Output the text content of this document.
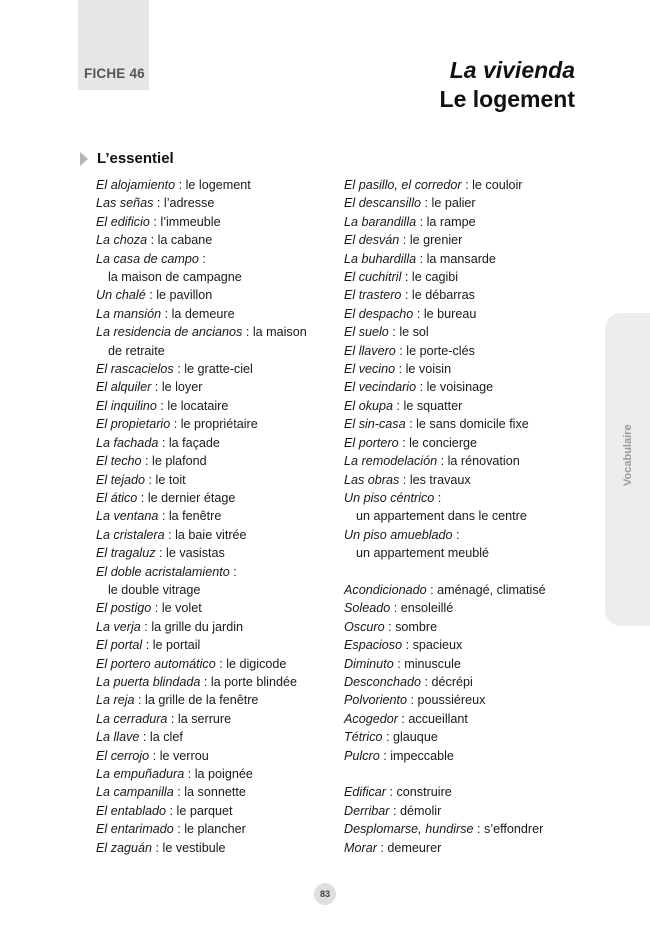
FICHE 46	La vivienda
Le logement
L’essentiel
El alojamiento : le logement
Las señas : l’adresse
El edificio : l’immeuble
La choza : la cabane
La casa de campo :
la maison de campagne
Un chalé : le pavillon
La mansión : la demeure
La residencia de ancianos : la maison
de retraite
El rascacielos : le gratte-ciel
El alquiler : le loyer
El inquilino : le locataire
El propietario : le propriétaire
La fachada : la façade
El techo : le plafond
El tejado : le toit
El ático : le dernier étage
La ventana : la fenêtre
La cristalera : la baie vitrée
El tragaluz : le vasistas
El doble acristalamiento :
le double vitrage
El postigo : le volet
La verja : la grille du jardin
El portal : le portail
El portero automático : le digicode
La puerta blindada : la porte blindée
La reja : la grille de la fenêtre
La cerradura : la serrure
La llave : la clef
El cerrojo : le verrou
La empuñadura : la poignée
La campanilla : la sonnette
El entablado : le parquet
El entarimado : le plancher
El zaguán : le vestibule
El pasillo, el corredor : le couloir
El descansillo : le palier
La barandilla : la rampe
El desván : le grenier
La buhardilla : la mansarde
El cuchitril : le cagibi
El trastero : le débarras
El despacho : le bureau
El suelo : le sol
El llavero : le porte-clés
El vecino : le voisin
El vecindario : le voisinage
El okupa : le squatter
El sin-casa : le sans domicile fixe
El portero : le concierge
La remodelación : la rénovation
Las obras : les travaux
Un piso céntrico :
un appartement dans le centre
Un piso amueblado :
un appartement meublé
Acondicionado : aménagé, climatisé
Soleado : ensoleillé
Oscuro : sombre
Espacioso : spacieux
Diminuto : minuscule
Desconchado : décrépi
Polvoriento : poussiéreux
Acogedor : accueillant
Tétrico : glauque
Pulcro : impeccable
Edificar : construire
Derribar : démolir
Desplomarse, hundirse : s’effondrer
Morar : demeurer
Vocabulaire
83
